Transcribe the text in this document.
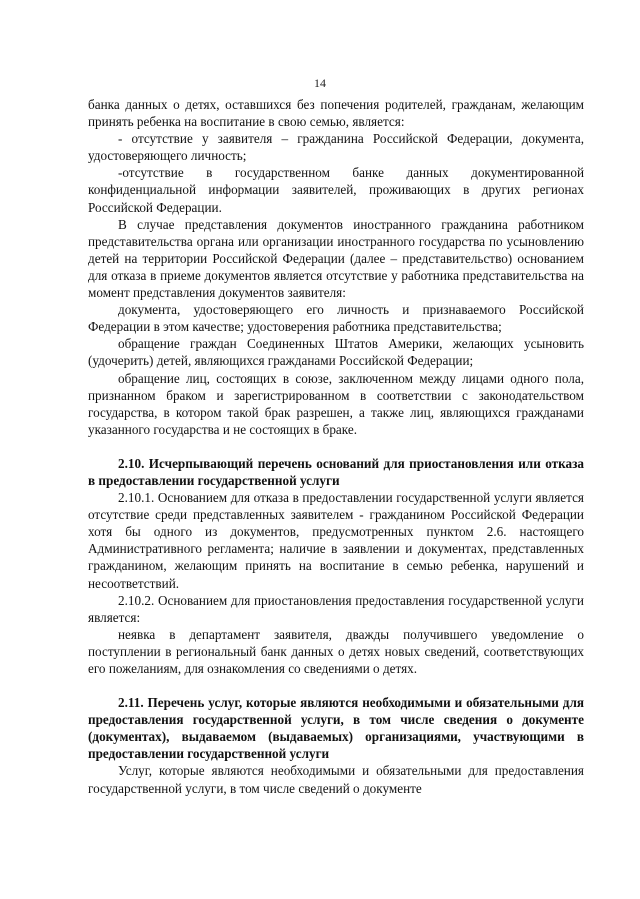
14

банка данных о детях, оставшихся без попечения родителей, гражданам, желающим принять ребенка на воспитание в свою семью, является:

- отсутствие у заявителя – гражданина Российской Федерации, документа, удостоверяющего личность;

-отсутствие в государственном банке данных документированной конфиденциальной информации заявителей, проживающих в других регионах Российской Федерации.

В случае представления документов иностранного гражданина работником представительства органа или организации иностранного государства по усыновлению детей на территории Российской Федерации (далее – представительство) основанием для отказа в приеме документов является отсутствие у работника представительства на момент представления документов заявителя:

документа, удостоверяющего его личность и признаваемого Российской Федерации в этом качестве; удостоверения работника представительства;

обращение граждан Соединенных Штатов Америки, желающих усыновить (удочерить) детей, являющихся гражданами Российской Федерации;

обращение лиц, состоящих в союзе, заключенном между лицами одного пола, признанном браком и зарегистрированном в соответствии с законодательством государства, в котором такой брак разрешен, а также лиц, являющихся гражданами указанного государства и не состоящих в браке.

2.10. Исчерпывающий перечень оснований для приостановления или отказа в предоставлении государственной услуги

2.10.1. Основанием для отказа в предоставлении государственной услуги является отсутствие среди представленных заявителем - гражданином Российской Федерации хотя бы одного из документов, предусмотренных пунктом 2.6. настоящего Административного регламента; наличие в заявлении и документах, представленных гражданином, желающим принять на воспитание в семью ребенка, нарушений и несоответствий.

2.10.2. Основанием для приостановления предоставления государственной услуги является:

неявка в департамент заявителя, дважды получившего уведомление о поступлении в региональный банк данных о детях новых сведений, соответствующих его пожеланиям, для ознакомления со сведениями о детях.

2.11. Перечень услуг, которые являются необходимыми и обязательными для предоставления государственной услуги, в том числе сведения о документе (документах), выдаваемом (выдаваемых) организациями, участвующими в предоставлении государственной услуги

Услуг, которые являются необходимыми и обязательными для предоставления государственной услуги, в том числе сведений о документе
